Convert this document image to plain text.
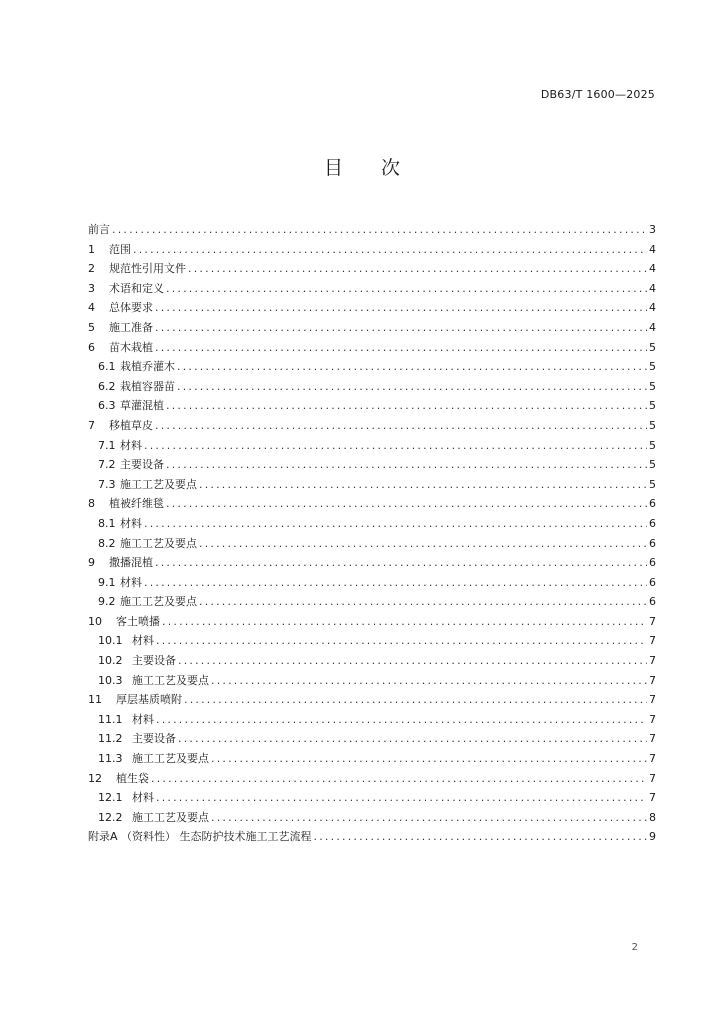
DB63/T 1600—2025
目 次
前言 .....	3
1	范围 .....	4
2	规范性引用文件 .....	4
3	术语和定义 .....	4
4	总体要求 .....	4
5	施工准备 .....	4
6	苗木栽植 .....	5
6.1 栽植乔灌木 .....	5
6.2 栽植容器苗 .....	5
6.3 草灌混植 .....	5
7	移植草皮 .....	5
7.1 材料 .....	5
7.2 主要设备 .....	5
7.3 施工工艺及要点 .....	5
8	植被纤维毯 .....	6
8.1 材料 .....	6
8.2 施工工艺及要点 .....	6
9	撒播混植 .....	6
9.1 材料 .....	6
9.2 施工工艺及要点 .....	6
10	客土喷播 .....	7
10.1 材料 .....	7
10.2 主要设备 .....	7
10.3 施工工艺及要点 .....	7
11	厚层基质喷附 .....	7
11.1 材料 .....	7
11.2 主要设备 .....	7
11.3 施工工艺及要点 .....	7
12	植生袋 .....	7
12.1 材料 .....	7
12.2 施工工艺及要点 .....	8
附录A （资料性） 生态防护技术施工工艺流程 .....	9
2
